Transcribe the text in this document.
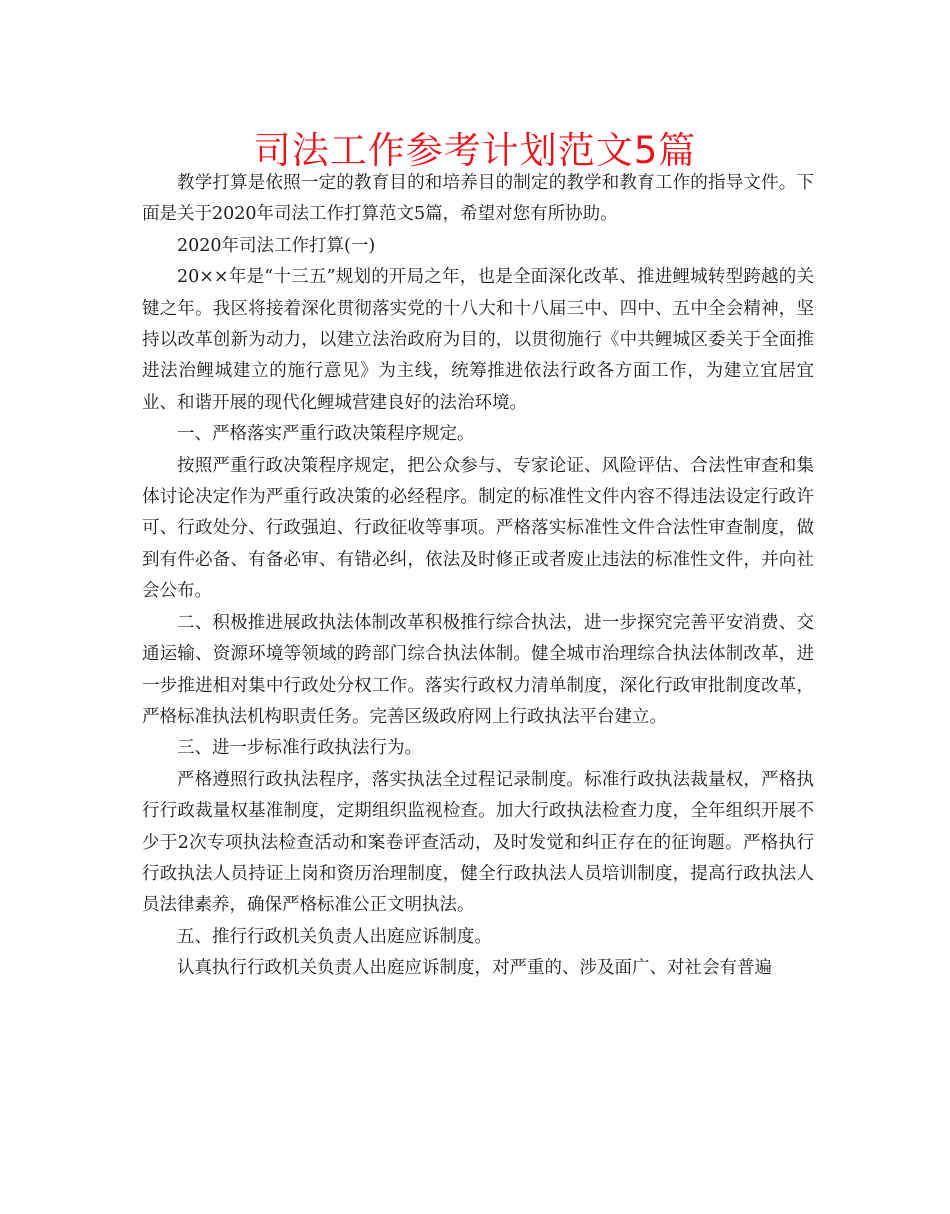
司法工作参考计划范文5篇

教学打算是依照一定的教育目的和培养目的制定的教学和教育工作的指导文件。下面是关于2020年司法工作打算范文5篇，希望对您有所协助。

2020年司法工作打算(一)

20××年是“十三五”规划的开局之年，也是全面深化改革、推进鲤城转型跨越的关键之年。我区将接着深化贯彻落实党的十八大和十八届三中、四中、五中全会精神，坚持以改革创新为动力，以建立法治政府为目的，以贯彻施行《中共鲤城区委关于全面推进法治鲤城建立的施行意见》为主线，统筹推进依法行政各方面工作，为建立宜居宜业、和谐开展的现代化鲤城营建良好的法治环境。

一、严格落实严重行政决策程序规定。

按照严重行政决策程序规定，把公众参与、专家论证、风险评估、合法性审查和集体讨论决定作为严重行政决策的必经程序。制定的标准性文件内容不得违法设定行政许可、行政处分、行政强迫、行政征收等事项。严格落实标准性文件合法性审查制度，做到有件必备、有备必审、有错必纠，依法及时修正或者废止违法的标准性文件，并向社会公布。

二、积极推进展政执法体制改革积极推行综合执法，进一步探究完善平安消费、交通运输、资源环境等领域的跨部门综合执法体制。健全城市治理综合执法体制改革，进一步推进相对集中行政处分权工作。落实行政权力清单制度，深化行政审批制度改革，严格标准执法机构职责任务。完善区级政府网上行政执法平台建立。

三、进一步标准行政执法行为。

严格遵照行政执法程序，落实执法全过程记录制度。标准行政执法裁量权，严格执行行政裁量权基准制度，定期组织监视检查。加大行政执法检查力度，全年组织开展不少于2次专项执法检查活动和案卷评查活动，及时发觉和纠正存在的征询题。严格执行行政执法人员持证上岗和资历治理制度，健全行政执法人员培训制度，提高行政执法人员法律素养，确保严格标准公正文明执法。

五、推行行政机关负责人出庭应诉制度。

认真执行行政机关负责人出庭应诉制度，对严重的、涉及面广、对社会有普遍
